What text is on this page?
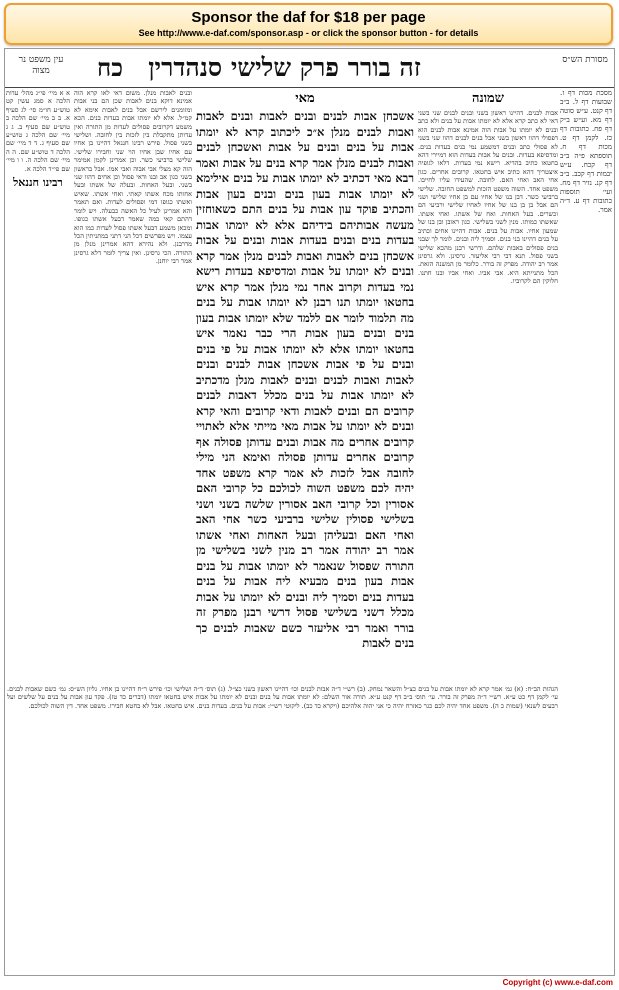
Sponsor the daf for $18 per page
See http://www.e-daf.com/sponsor.asp - or click the sponsor button - for details
מסורת הש״ס
זה בורר פרק שלישי סנהדרין
כח
עין משפט נר מצוה
מסכת מכות דף ז. שבועות דף ל. ב״ב דף קנט. ע״ש סוטה דף מא. וע״ש ב״ק דף פח. כתובות דף כז. לקמן דף ט. מכות דף ח. תוספתא פ״ה ב״ב דף קכח. ע״ש יבמות דף קכב. ב״ב דף קנ. נזיר דף מח. ועי׳ תוספות כתובות דף ע. ד״ה אמר.
שמונה
אבות לבנים. דהיינו ראשון בשני ובנים לבנים שני בשני דאי לא כתב קרא אלא לא יומתו אבות על בנים ולא כתב ובנים לא יומתו על אבות הוה אמינא אבות לבנים הוא דפסולי דהוו ראשון בשני אבל בנים לבנים דהוו שני בשני לא פסולי כתב ובנים דמשמע נמי בנים בעדות בנים. ומדסיפא בעדות. ובנים על אבות בעדות הוא דמיירי דהא בחטאו כתיב בהדיא. רישא נמי בעדות. דלאו לגופיה איצטריך דהא כתיב איש בחטאו. קרובים אחרים. כגון אחי האב ואחי האם. לחובה. שהעידו עליו לחייבו. משפט אחד. השוה משפט הזכות למשפט החובה. שלישי ברביעי כשר. דבן בנו של אחיו עם בן אחיו שלישי ושני הם אבל בן בן בנו של אחיו לאחיו שלישי ורביעי הם וכשרים. בעל האחות. ואח של אשתו. ואחי אשתו. שאשתו כמותו. מנין לשני בשלישי. כגון ראובן ובן בנו של שמעון אחיו. אבות על בנים. אבות דהיינו אחים וכתיב על בנים דהיינו בני בנים. וסמיך ליה ובנים. לומר לך שבני בנים פסולים באבות שלהם. ודרשי רבנן מהכא שלישי בשני פסול. תנא דבי רבי אליעזר. גרסינן. ולא גרסינן אמר רב יהודה. מפרק זה בורר. כלומר מן המשנה הזאת. הכל מתנייתא היא. אבי אביו. ואחי אביו ובנו חתנו. חלוקין הם לקרוביו.
מאי
אשכחן אבות לבנים ובנים לאבות ובנים לאבות ואבות לבנים מנלן א״כ ליכתוב קרא לא יומתו אבות על בנים ובנים על אבות ואשכחן לבנים ואבות לבנים מנלן אמר קרא בנים על אבות ואמר רבא מאי דכתיב לא יומתו אבות על בנים אילימא לא יומתו אבות בעון בנים ובנים בעון אבות והכתיב פוקד עון אבות על בנים התם כשאוחזין מעשה אבותיהם בידיהם אלא לא יומתו אבות בעדות בנים ובנים בעדות אבות ובנים על אבות אשכחן בנים לאבות ואבות לבנים מנלן אמר קרא ובנים לא יומתו על אבות ומדסיפא בעדות רישא נמי בעדות וקרוב אחר נמי מנלן אמר קרא איש בחטאו יומתו תנו רבנן לא יומתו אבות על בנים מה תלמוד לומר אם ללמד שלא יומתו אבות בעון בנים ובנים בעון אבות הרי כבר נאמר איש בחטאו יומתו אלא לא יומתו אבות על פי בנים ובנים על פי אבות אשכחן אבות לבנים ובנים לאבות ואבות לבנים ובנים לאבות מנלן מדכתיב לא יומתו אבות על בנים מכלל דאבות לבנים קרובים הם ובנים לאבות ודאי קרובים והאי קרא ובנים לא יומתו על אבות מאי מייתי אלא לאתויי קרובים אחרים מה אבות ובנים עדותן פסולה אף קרובים אחרים עדותן פסולה ואימא הני מילי לחובה אבל לזכות לא אמר קרא משפט אחד יהיה לכם משפט השוה לכולכם כל קרובי האם אסורין וכל קרובי האב אסורין שלשה בשני ושני בשלישי פסולין שלישי ברביעי כשר אחי האב ואחי האם ובעליהן ובעל האחות ואחי אשתו אמר רב יהודה אמר רב מנין לשני בשלישי מן התורה שפסול שנאמר לא יומתו אבות על בנים אבות בעון בנים מבעיא ליה אבות על בנים בעדות בנים וסמיך ליה ובנים לא יומתו על אבות מכלל דשני בשלישי פסול דרשי רבנן מפרק זה בורר ואמר רבי אליעזר כשם שאבות לבנים כך בנים לאבות
ובנים לאבות מנלן. משום דאי לאו קרא הוה אמינא דוקא בנים לאבות שכן הם בני אבות ומזומנים לירשם אבל בנים לאבות אימא לא קמ״ל. אלא לא יומתו אבות בעדות בנים. הכא משמע דקרובים פסולים לעדות מן התורה ואין עדותן מתקבלת בין לזכות בין לחובה. ושלישי בשני פסול. פירש רבינו חננאל דהיינו בן אחיו עם אחיו שבן אחיו הוי שני וחבירו שלישי. שלישי ברביעי כשר. וכן אמרינן לקמן אמימר הוה קא מצלי אבי אבוה ואבי אמו. אבל בראשון בשני כגון אב ובנו ודאי פסול וכן אחים דהוו שני בשני. ובעל האחות. ובעלה של אשתו ובעל אחותו מכח אשתו קאתי. ואחי אשתו. שאיש ואשתו כגופו דמי ופסולים לעדות. ואם תאמר והא אמרינן לעיל כל האשה כבעלה. ויש לומר דהתם קאי במה שאמר דבעל אשתו כגופו. ומכאן משמע דבעל אשתו פסול לעדות כמו הוא עצמו. ויש מפרשים דכל הני דתני במתניתין הכל מדרבנן. ולא נהירא דהא אמרינן מנלן מן התורה. הכי גרסינן. ואין צריך לומר דלא גרסינן אמר רבי יוחנן.
א א מיי׳ פי״ג מהל׳ עדות הלכה א סמג עשין קט טוש״ע חו״מ סי׳ לג סעיף א. ב ב מיי׳ שם הלכה ב טוש״ע שם סעיף ב. ג ג מיי׳ שם הלכה ג טוש״ע שם סעיף ג. ד ד מיי׳ שם הלכה ד טוש״ע שם. ה ה מיי׳ שם הלכה ה. ו ו מיי׳ שם פי״ד הלכה א.
רבינו חננאל
הגהות הב״ח: (א) גמ׳ אמר קרא לא יומתו אבות על בנים כצ״ל והשאר נמחק. (ב) רש״י ד״ה אבות לבנים וכו׳ דהיינו ראשון בשני כצ״ל. (ג) תוס׳ ד״ה ושלישי וכו׳ פירש ר״ח דהיינו בן אחיו. גליון הש״ס: גמ׳ כשם שאבות לבנים. עי׳ לקמן דף כט ע״א. רש״י ד״ה מפרק זה בורר. עי׳ תוס׳ ב״ב דף קנט ע״א. תורה אור השלם: לא יומתו אבות על בנים ובנים לא יומתו על אבות איש בחטאו יומתו (דברים כד טז). פקד עון אבות על בנים על שלשים ועל רבעים לשנאי (שמות כ ה). משפט אחד יהיה לכם כגר כאזרח יהיה כי אני יהוה אלהיכם (ויקרא כד כב). ליקוטי רש״י: אבות על בנים. בעדות בנים. איש בחטאו. אבל לא בחטא חבירו. משפט אחד. דין השוה לכולכם.
Copyright (c) www.e-daf.com
